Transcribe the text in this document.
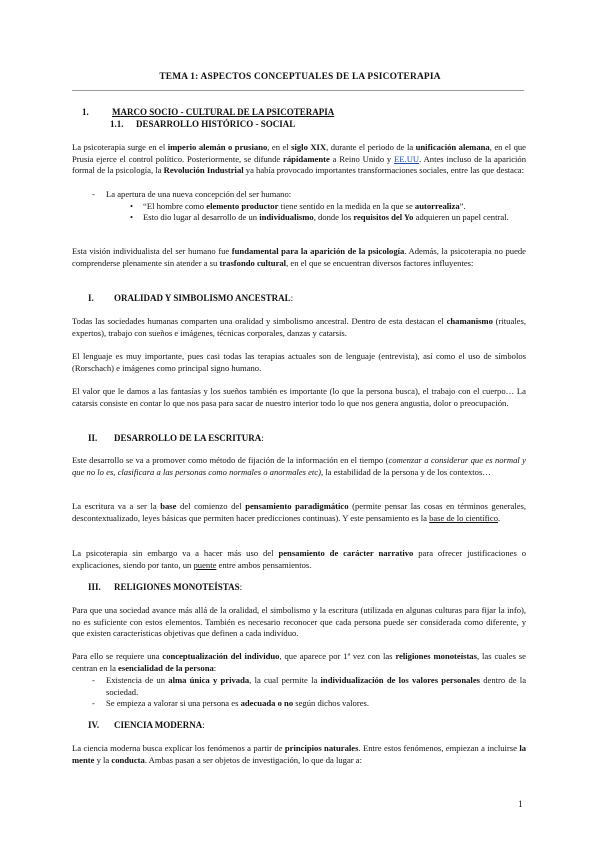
TEMA 1: ASPECTOS CONCEPTUALES DE LA PSICOTERAPIA
1.	MARCO SOCIO - CULTURAL DE LA PSICOTERAPIA
1.1. DESARROLLO HISTÓRICO - SOCIAL
La psicoterapia surge en el imperio alemán o prusiano, en el siglo XIX, durante el periodo de la unificación alemana, en el que Prusia ejerce el control político. Posteriormente, se difunde rápidamente a Reino Unido y EE.UU. Antes incluso de la aparición formal de la psicología, la Revolución Industrial ya había provocado importantes transformaciones sociales, entre las que destaca:
- La apertura de una nueva concepción del ser humano:
• “El hombre como elemento productor tiene sentido en la medida en la que se autorrealiza”.
• Esto dio lugar al desarrollo de un individualismo, donde los requisitos del Yo adquieren un papel central.
Esta visión individualista del ser humano fue fundamental para la aparición de la psicología. Además, la psicoterapia no puede comprenderse plenamente sin atender a su trasfondo cultural, en el que se encuentran diversos factores influyentes:
I. ORALIDAD Y SIMBOLISMO ANCESTRAL:
Todas las sociedades humanas comparten una oralidad y simbolismo ancestral. Dentro de esta destacan el chamanismo (rituales, expertos), trabajo con sueños e imágenes, técnicas corporales, danzas y catarsis.
El lenguaje es muy importante, pues casi todas las terapias actuales son de lenguaje (entrevista), así como el uso de símbolos (Rorschach) e imágenes como principal signo humano.
El valor que le damos a las fantasías y los sueños también es importante (lo que la persona busca), el trabajo con el cuerpo… La catarsis consiste en contar lo que nos pasa para sacar de nuestro interior todo lo que nos genera angustia, dolor o preocupación.
II. DESARROLLO DE LA ESCRITURA:
Este desarrollo se va a promover como método de fijación de la información en el tiempo (comenzar a considerar que es normal y que no lo es, clasificara a las personas como normales o anormales etc), la estabilidad de la persona y de los contextos…
La escritura va a ser la base del comienzo del pensamiento paradigmático (permite pensar las cosas en términos generales, descontextualizado, leyes básicas que permiten hacer predicciones continuas). Y este pensamiento es la base de lo científico.
La psicoterapia sin embargo va a hacer más uso del pensamiento de carácter narrativo para ofrecer justificaciones o explicaciones, siendo por tanto, un puente entre ambos pensamientos.
III. RELIGIONES MONOTEÍSTAS:
Para que una sociedad avance más allá de la oralidad, el simbolismo y la escritura (utilizada en algunas culturas para fijar la info), no es suficiente con estos elementos. También es necesario reconocer que cada persona puede ser considerada como diferente, y que existen características objetivas que definen a cada individuo.
Para ello se requiere una conceptualización del individuo, que aparece por 1ª vez con las religiones monoteístas, las cuales se centran en la esencialidad de la persona:
- Existencia de un alma única y privada, la cual permite la individualización de los valores personales dentro de la sociedad.
- Se empieza a valorar si una persona es adecuada o no según dichos valores.
IV. CIENCIA MODERNA:
La ciencia moderna busca explicar los fenómenos a partir de principios naturales. Entre estos fenómenos, empiezan a incluirse la mente y la conducta. Ambas pasan a ser objetos de investigación, lo que da lugar a:
1
